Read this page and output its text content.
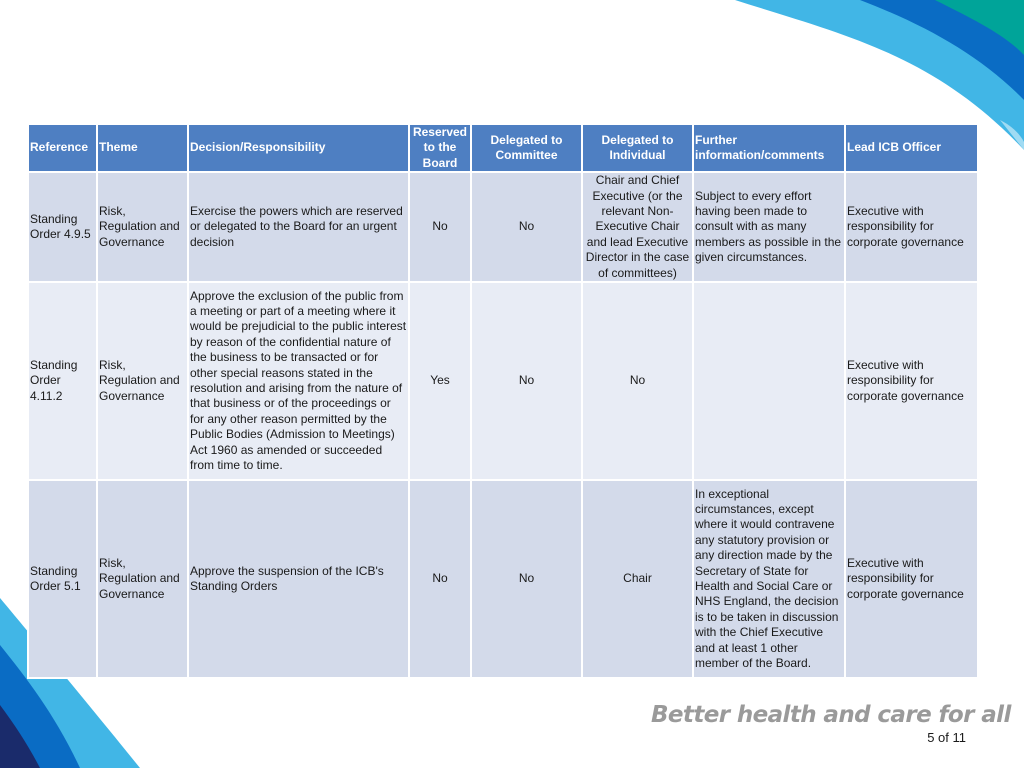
Reference	Theme	Decision/Responsibility	Reserved to the Board	Delegated to Committee	Delegated to Individual	Further information/comments	Lead ICB Officer
Standing Order 4.9.5	Risk, Regulation and Governance	Exercise the powers which are reserved or delegated to the Board for an urgent decision	No	No	Chair and Chief Executive (or the relevant Non-Executive Chair and lead Executive Director in the case of committees)	Subject to every effort having been made to consult with as many members as possible in the given circumstances.	Executive with responsibility for corporate governance
Standing Order 4.11.2	Risk, Regulation and Governance	Approve the exclusion of the public from a meeting or part of a meeting where it would be prejudicial to the public interest by reason of the confidential nature of the business to be transacted or for other special reasons stated in the resolution and arising from the nature of that business or of the proceedings or for any other reason permitted by the Public Bodies (Admission to Meetings) Act 1960 as amended or succeeded from time to time.	Yes	No	No		Executive with responsibility for corporate governance
Standing Order 5.1	Risk, Regulation and Governance	Approve the suspension of the ICB's Standing Orders	No	No	Chair	In exceptional circumstances, except where it would contravene any statutory provision or any direction made by the Secretary of State for Health and Social Care or NHS England, the decision is to be taken in discussion with the Chief Executive and at least 1 other member of the Board.	Executive with responsibility for corporate governance
Better health and care for all
5 of 11
